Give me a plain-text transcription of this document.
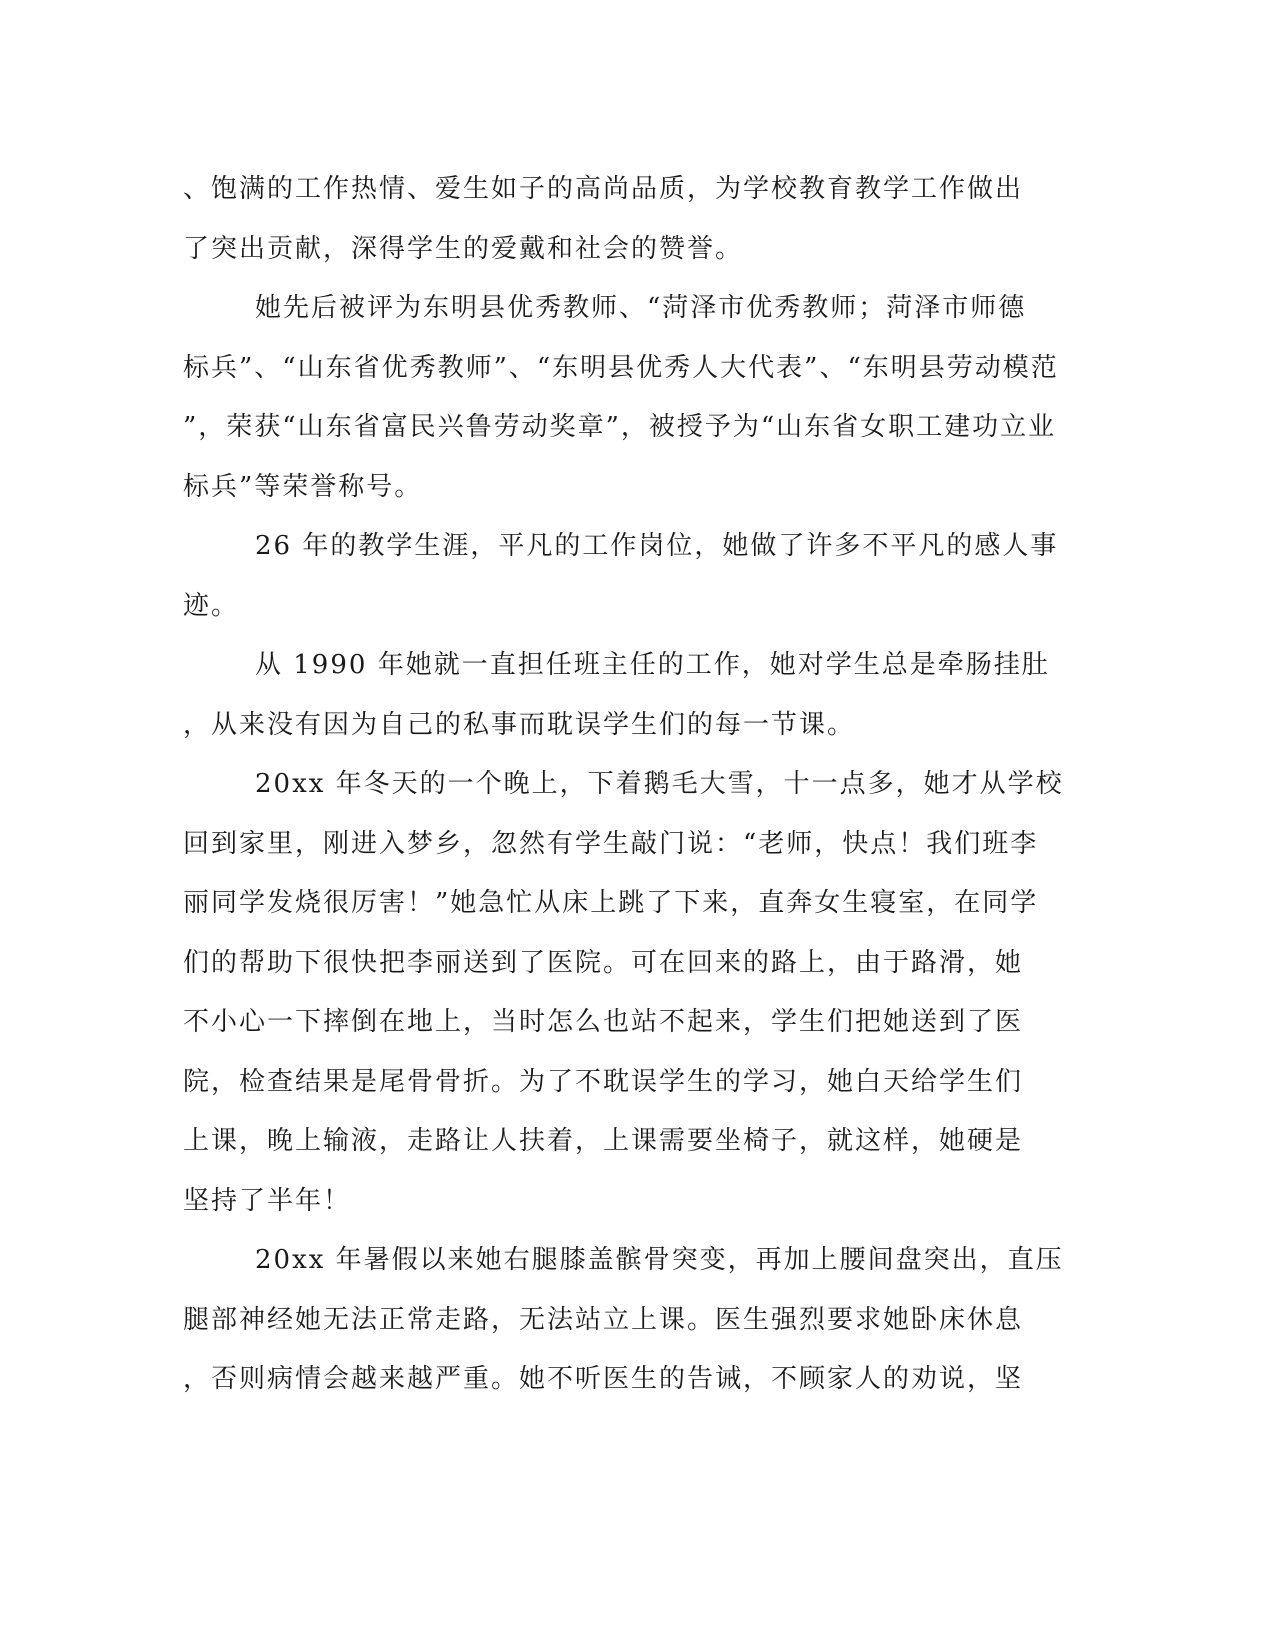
、饱满的工作热情、爱生如子的高尚品质，为学校教育教学工作做出
了突出贡献，深得学生的爱戴和社会的赞誉。
她先后被评为东明县优秀教师、“菏泽市优秀教师；菏泽市师德
标兵”、“山东省优秀教师”、“东明县优秀人大代表”、“东明县劳动模范
”，荣获“山东省富民兴鲁劳动奖章”，被授予为“山东省女职工建功立业
标兵”等荣誉称号。
26 年的教学生涯，平凡的工作岗位，她做了许多不平凡的感人事
迹。
从 1990 年她就一直担任班主任的工作，她对学生总是牵肠挂肚
，从来没有因为自己的私事而耽误学生们的每一节课。
20xx 年冬天的一个晚上，下着鹅毛大雪，十一点多，她才从学校
回到家里，刚进入梦乡，忽然有学生敲门说：“老师，快点！我们班李
丽同学发烧很厉害！”她急忙从床上跳了下来，直奔女生寝室，在同学
们的帮助下很快把李丽送到了医院。可在回来的路上，由于路滑，她
不小心一下摔倒在地上，当时怎么也站不起来，学生们把她送到了医
院，检查结果是尾骨骨折。为了不耽误学生的学习，她白天给学生们
上课，晚上输液，走路让人扶着，上课需要坐椅子，就这样，她硬是
坚持了半年！
20xx 年暑假以来她右腿膝盖髌骨突变，再加上腰间盘突出，直压
腿部神经她无法正常走路，无法站立上课。医生强烈要求她卧床休息
，否则病情会越来越严重。她不听医生的告诫，不顾家人的劝说，坚
